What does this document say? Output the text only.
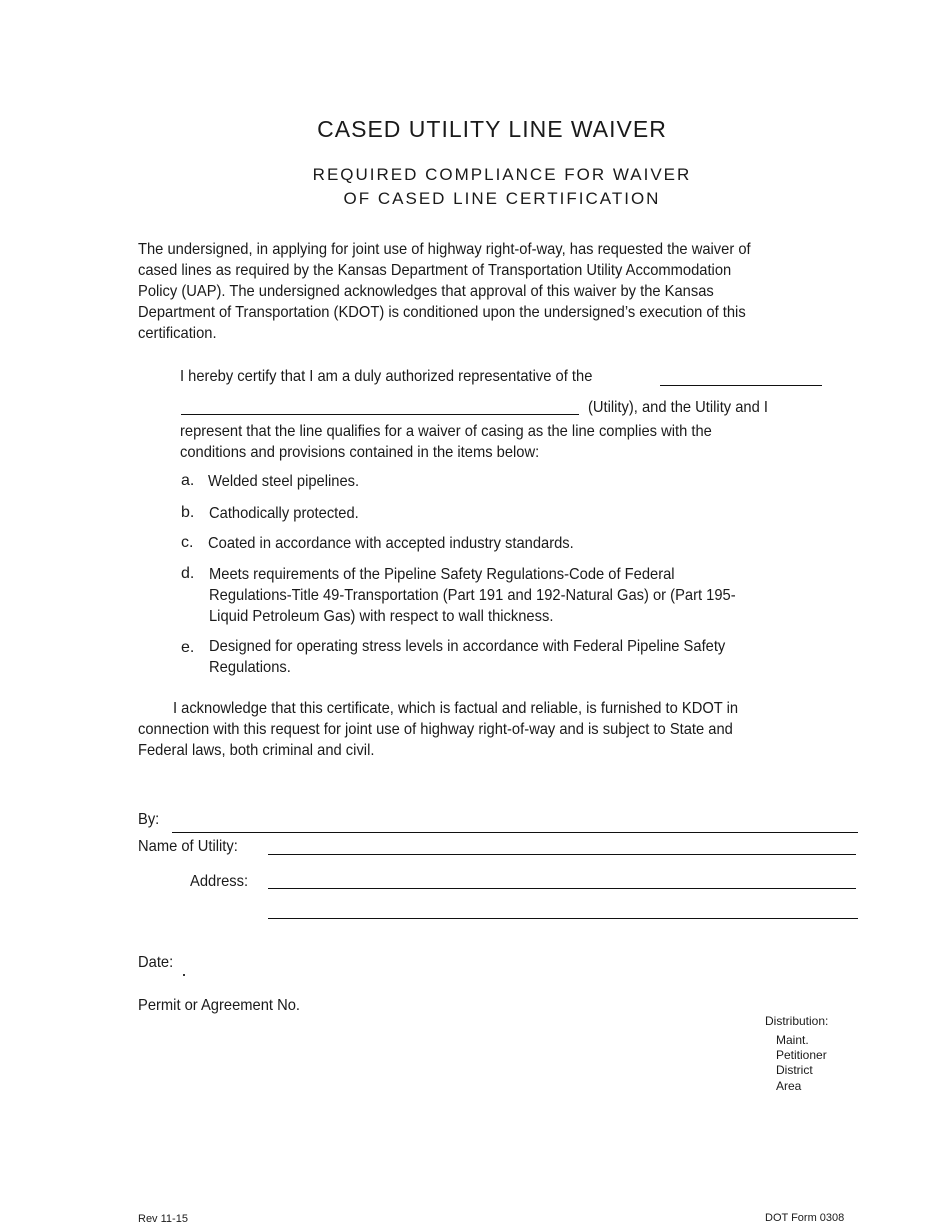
CASED UTILITY LINE WAIVER
REQUIRED COMPLIANCE FOR WAIVER
OF CASED LINE CERTIFICATION
The undersigned, in applying for joint use of highway right-of-way, has requested the waiver of cased lines as required by the Kansas Department of Transportation Utility Accommodation Policy (UAP). The undersigned acknowledges that approval of this waiver by the Kansas Department of Transportation (KDOT) is conditioned upon the undersigned’s execution of this certification.
I hereby certify that I am a duly authorized representative of the
(Utility), and the Utility and I
represent that the line qualifies for a waiver of casing as the line complies with the
conditions and provisions contained in the items below:
a. Welded steel pipelines.
b. Cathodically protected.
c. Coated in accordance with accepted industry standards.
d. Meets requirements of the Pipeline Safety Regulations-Code of Federal Regulations-Title 49-Transportation (Part 191 and 192-Natural Gas) or (Part 195-Liquid Petroleum Gas) with respect to wall thickness.
e. Designed for operating stress levels in accordance with Federal Pipeline Safety Regulations.
I acknowledge that this certificate, which is factual and reliable, is furnished to KDOT in connection with this request for joint use of highway right-of-way and is subject to State and Federal laws, both criminal and civil.
By:
Name of Utility:
Address:
Date:
Permit or Agreement No.
Distribution:
Maint.
Petitioner
District
Area
Rev 11-15	DOT Form 0308
